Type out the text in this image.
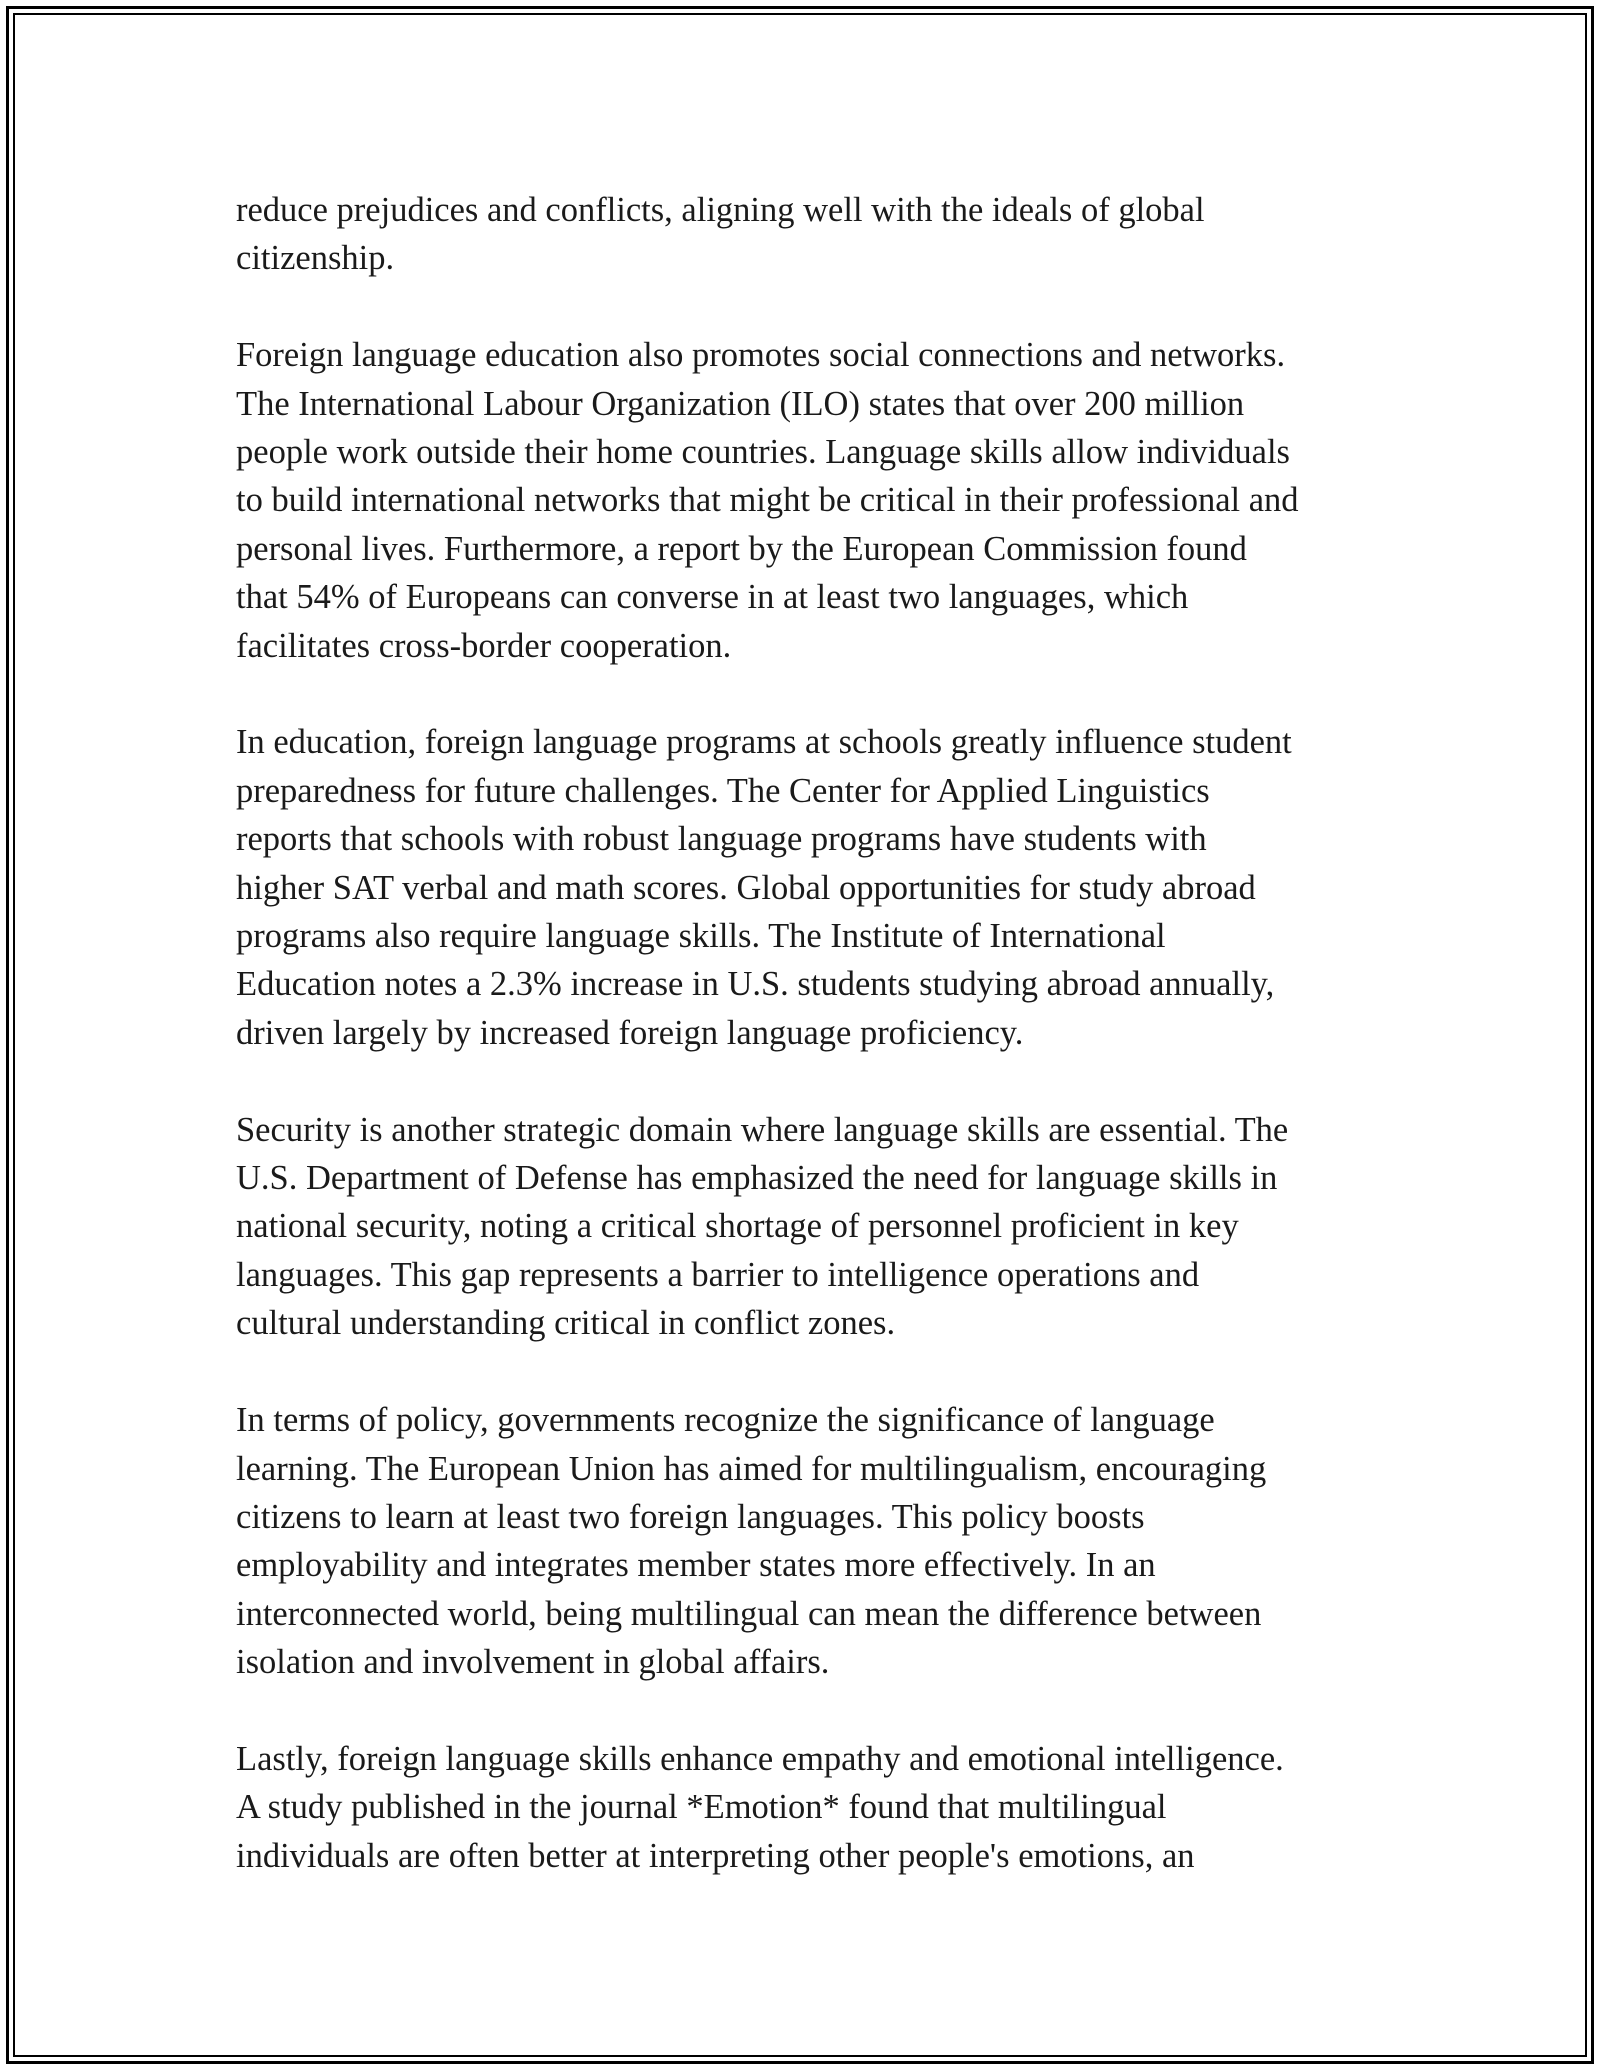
reduce prejudices and conflicts, aligning well with the ideals of global
citizenship.

Foreign language education also promotes social connections and networks.
The International Labour Organization (ILO) states that over 200 million
people work outside their home countries. Language skills allow individuals
to build international networks that might be critical in their professional and
personal lives. Furthermore, a report by the European Commission found
that 54% of Europeans can converse in at least two languages, which
facilitates cross-border cooperation.

In education, foreign language programs at schools greatly influence student
preparedness for future challenges. The Center for Applied Linguistics
reports that schools with robust language programs have students with
higher SAT verbal and math scores. Global opportunities for study abroad
programs also require language skills. The Institute of International
Education notes a 2.3% increase in U.S. students studying abroad annually,
driven largely by increased foreign language proficiency.

Security is another strategic domain where language skills are essential. The
U.S. Department of Defense has emphasized the need for language skills in
national security, noting a critical shortage of personnel proficient in key
languages. This gap represents a barrier to intelligence operations and
cultural understanding critical in conflict zones.

In terms of policy, governments recognize the significance of language
learning. The European Union has aimed for multilingualism, encouraging
citizens to learn at least two foreign languages. This policy boosts
employability and integrates member states more effectively. In an
interconnected world, being multilingual can mean the difference between
isolation and involvement in global affairs.

Lastly, foreign language skills enhance empathy and emotional intelligence.
A study published in the journal *Emotion* found that multilingual
individuals are often better at interpreting other people's emotions, an
